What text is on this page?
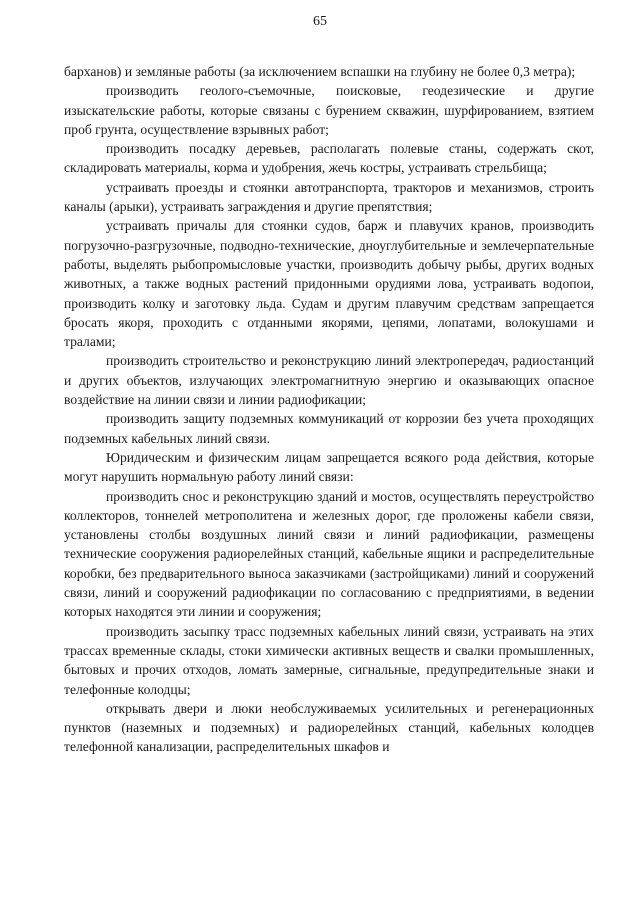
65

барханов) и земляные работы (за исключением вспашки на глубину не более 0,3 метра);

производить геолого-съемочные, поисковые, геодезические и другие изыскательские работы, которые связаны с бурением скважин, шурфированием, взятием проб грунта, осуществление взрывных работ;

производить посадку деревьев, располагать полевые станы, содержать скот, складировать материалы, корма и удобрения, жечь костры, устраивать стрельбища;

устраивать проезды и стоянки автотранспорта, тракторов и механизмов, строить каналы (арыки), устраивать заграждения и другие препятствия;

устраивать причалы для стоянки судов, барж и плавучих кранов, производить погрузочно-разгрузочные, подводно-технические, дноуглубительные и землечерпательные работы, выделять рыбопромысловые участки, производить добычу рыбы, других водных животных, а также водных растений придонными орудиями лова, устраивать водопои, производить колку и заготовку льда. Судам и другим плавучим средствам запрещается бросать якоря, проходить с отданными якорями, цепями, лопатами, волокушами и тралами;

производить строительство и реконструкцию линий электропередач, радиостанций и других объектов, излучающих электромагнитную энергию и оказывающих опасное воздействие на линии связи и линии радиофикации;

производить защиту подземных коммуникаций от коррозии без учета проходящих подземных кабельных линий связи.

Юридическим и физическим лицам запрещается всякого рода действия, которые могут нарушить нормальную работу линий связи:

производить снос и реконструкцию зданий и мостов, осуществлять переустройство коллекторов, тоннелей метрополитена и железных дорог, где проложены кабели связи, установлены столбы воздушных линий связи и линий радиофикации, размещены технические сооружения радиорелейных станций, кабельные ящики и распределительные коробки, без предварительного выноса заказчиками (застройщиками) линий и сооружений связи, линий и сооружений радиофикации по согласованию с предприятиями, в ведении которых находятся эти линии и сооружения;

производить засыпку трасс подземных кабельных линий связи, устраивать на этих трассах временные склады, стоки химически активных веществ и свалки промышленных, бытовых и прочих отходов, ломать замерные, сигнальные, предупредительные знаки и телефонные колодцы;

открывать двери и люки необслуживаемых усилительных и регенерационных пунктов (наземных и подземных) и радиорелейных станций, кабельных колодцев телефонной канализации, распределительных шкафов и
